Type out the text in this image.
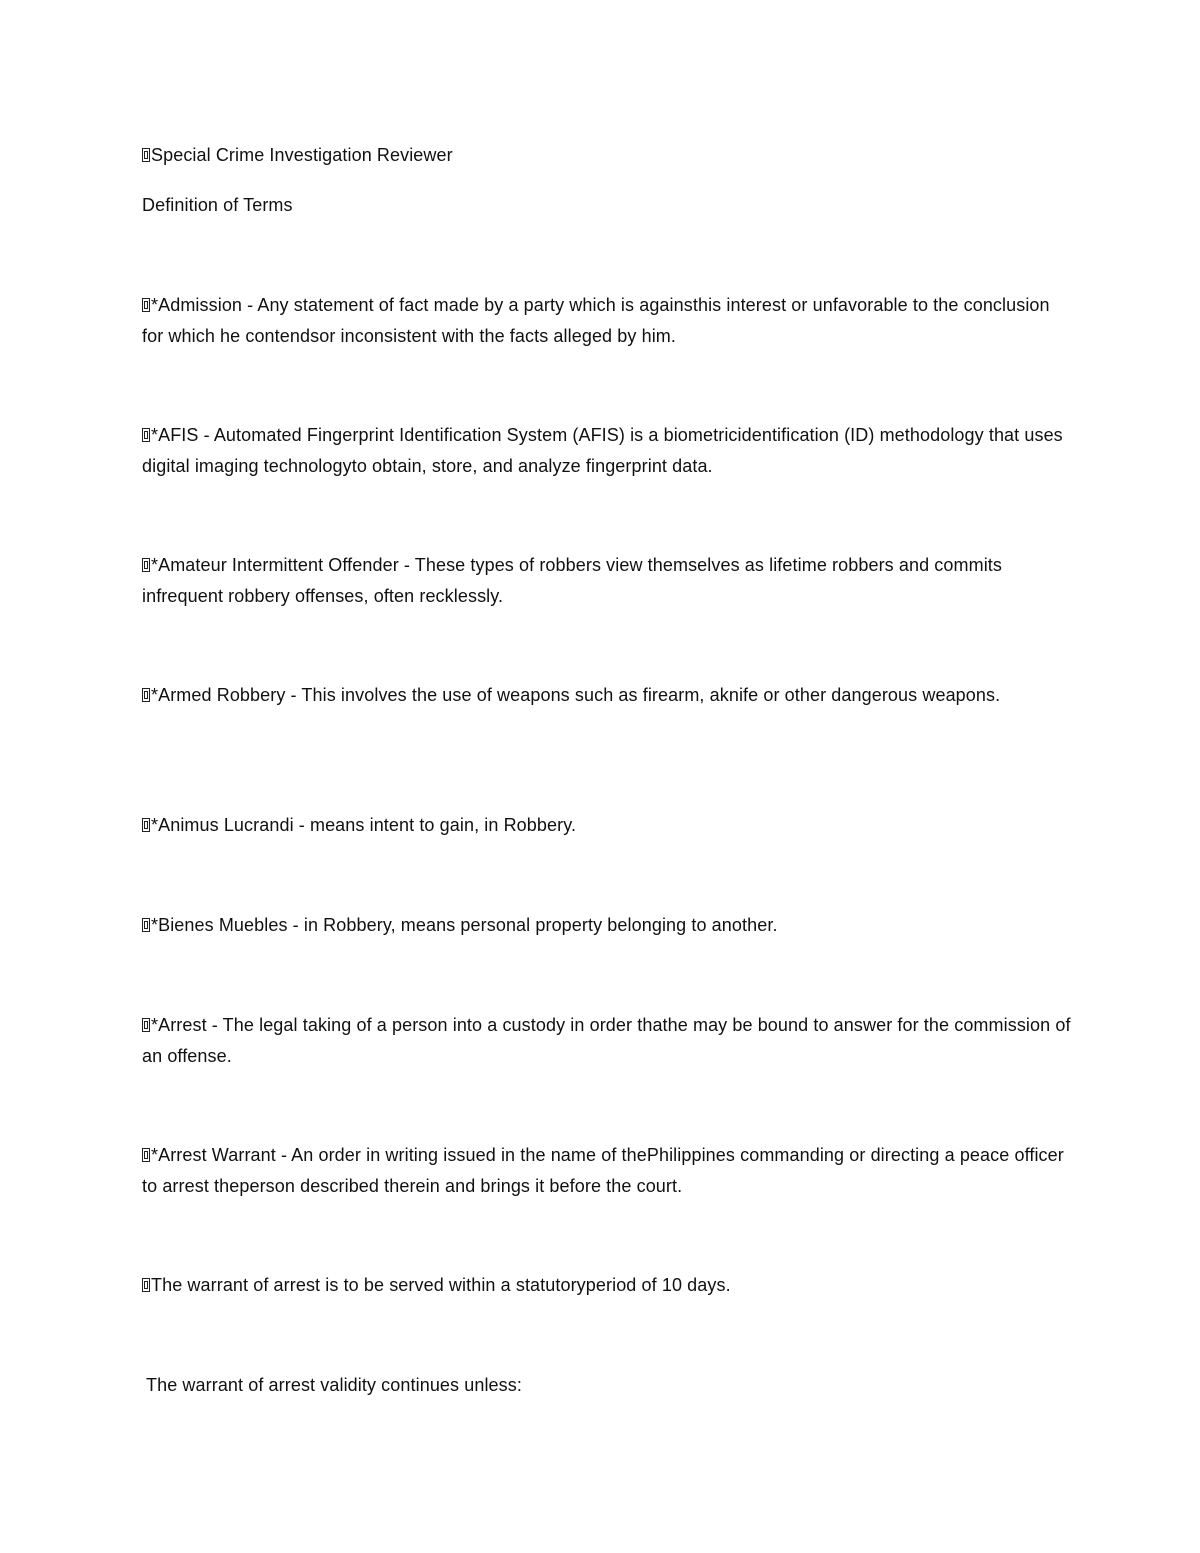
Special Crime Investigation Reviewer
Definition of Terms
*Admission - Any statement of fact made by a party which is againsthis interest or unfavorable to the conclusion for which he contendsor inconsistent with the facts alleged by him.
*AFIS - Automated Fingerprint Identification System (AFIS) is a biometricidentification (ID) methodology that uses digital imaging technologyto obtain, store, and analyze fingerprint data.
*Amateur Intermittent Offender - These types of robbers view themselves as lifetime robbers and commits infrequent robbery offenses, often recklessly.
*Armed Robbery - This involves the use of weapons such as firearm, aknife or other dangerous weapons.
*Animus Lucrandi - means intent to gain, in Robbery.
*Bienes Muebles - in Robbery, means personal property belonging to another.
*Arrest - The legal taking of a person into a custody in order thathe may be bound to answer for the commission of an offense.
*Arrest Warrant - An order in writing issued in the name of thePhilippines commanding or directing a peace officer to arrest theperson described therein and brings it before the court.
The warrant of arrest is to be served within a statutoryperiod of 10 days.
The warrant of arrest validity continues unless:
